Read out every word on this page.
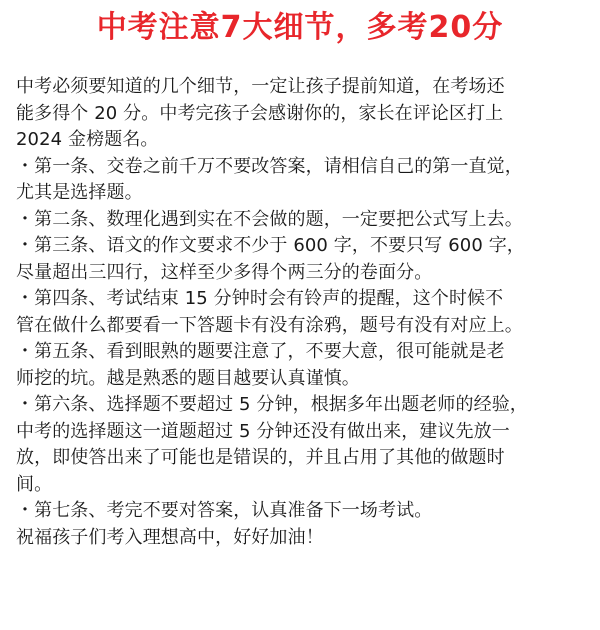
中考注意7大细节，多考20分

中考必须要知道的几个细节，一定让孩子提前知道，在考场还

能多得个 20 分。中考完孩子会感谢你的，家长在评论区打上

2024 金榜题名。

・第一条、交卷之前千万不要改答案，请相信自己的第一直觉，

尤其是选择题。

・第二条、数理化遇到实在不会做的题，一定要把公式写上去。

・第三条、语文的作文要求不少于 600 字，不要只写 600 字，

尽量超出三四行，这样至少多得个两三分的卷面分。

・第四条、考试结束 15 分钟时会有铃声的提醒，这个时候不

管在做什么都要看一下答题卡有没有涂鸦，题号有没有对应上。

・第五条、看到眼熟的题要注意了，不要大意，很可能就是老

师挖的坑。越是熟悉的题目越要认真谨慎。

・第六条、选择题不要超过 5 分钟，根据多年出题老师的经验，

中考的选择题这一道题超过 5 分钟还没有做出来，建议先放一

放，即使答出来了可能也是错误的，并且占用了其他的做题时

间。

・第七条、考完不要对答案，认真准备下一场考试。

祝福孩子们考入理想高中，好好加油！
